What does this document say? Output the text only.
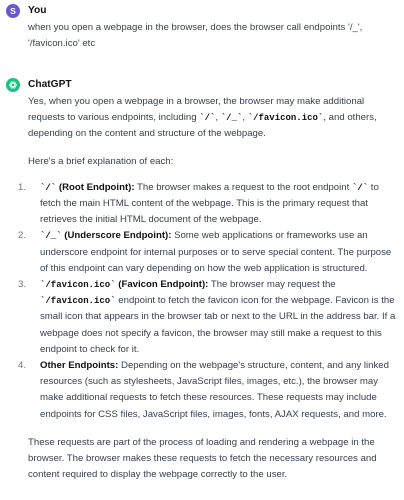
S You
when you open a webpage in the browser, does the browser call endpoints '/_',
'/favicon.ico' etc
ChatGPT

Yes, when you open a webpage in a browser, the browser may make additional requests to various endpoints, including `/`, `/_`, `/favicon.ico`, and others, depending on the content and structure of the webpage.

Here's a brief explanation of each:

1. `/` (Root Endpoint): The browser makes a request to the root endpoint `/` to fetch the main HTML content of the webpage. This is the primary request that retrieves the initial HTML document of the webpage.
2. `/_` (Underscore Endpoint): Some web applications or frameworks use an underscore endpoint for internal purposes or to serve special content. The purpose of this endpoint can vary depending on how the web application is structured.
3. `/favicon.ico` (Favicon Endpoint): The browser may request the `/favicon.ico` endpoint to fetch the favicon icon for the webpage. Favicon is the small icon that appears in the browser tab or next to the URL in the address bar. If a webpage does not specify a favicon, the browser may still make a request to this endpoint to check for it.
4. Other Endpoints: Depending on the webpage's structure, content, and any linked resources (such as stylesheets, JavaScript files, images, etc.), the browser may make additional requests to fetch these resources. These requests may include endpoints for CSS files, JavaScript files, images, fonts, AJAX requests, and more.

These requests are part of the process of loading and rendering a webpage in the browser. The browser makes these requests to fetch the necessary resources and content required to display the webpage correctly to the user.
